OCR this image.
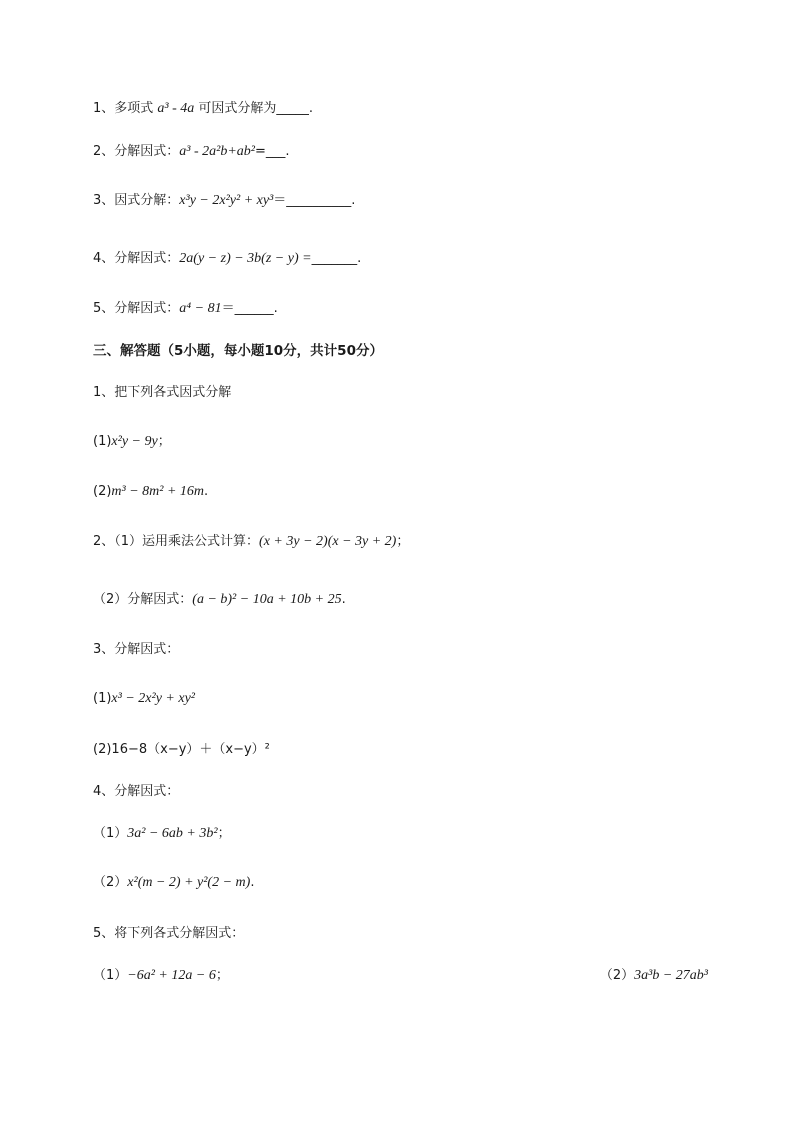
1、多项式 a³ - 4a 可因式分解为_____.
2、分解因式：a³ - 2a²b+ab²=___.
3、因式分解：x³y − 2x²y² + xy³＝__________.
4、分解因式：2a(y − z) − 3b(z − y) =_______.
5、分解因式：a⁴ − 81＝______.
三、解答题（5小题，每小题10分，共计50分）
1、把下列各式因式分解
(1)x²y − 9y；
(2)m³ − 8m² + 16m.
2、（1）运用乘法公式计算：(x + 3y − 2)(x − 3y + 2)；
（2）分解因式：(a − b)² − 10a + 10b + 25.
3、分解因式：
(1)x³ − 2x²y + xy²
(2)16−8（x−y）＋（x−y）²
4、分解因式：
（1）3a² − 6ab + 3b²；
（2）x²(m − 2) + y²(2 − m).
5、将下列各式分解因式：
（1）−6a² + 12a − 6；	（2）3a³b − 27ab³
